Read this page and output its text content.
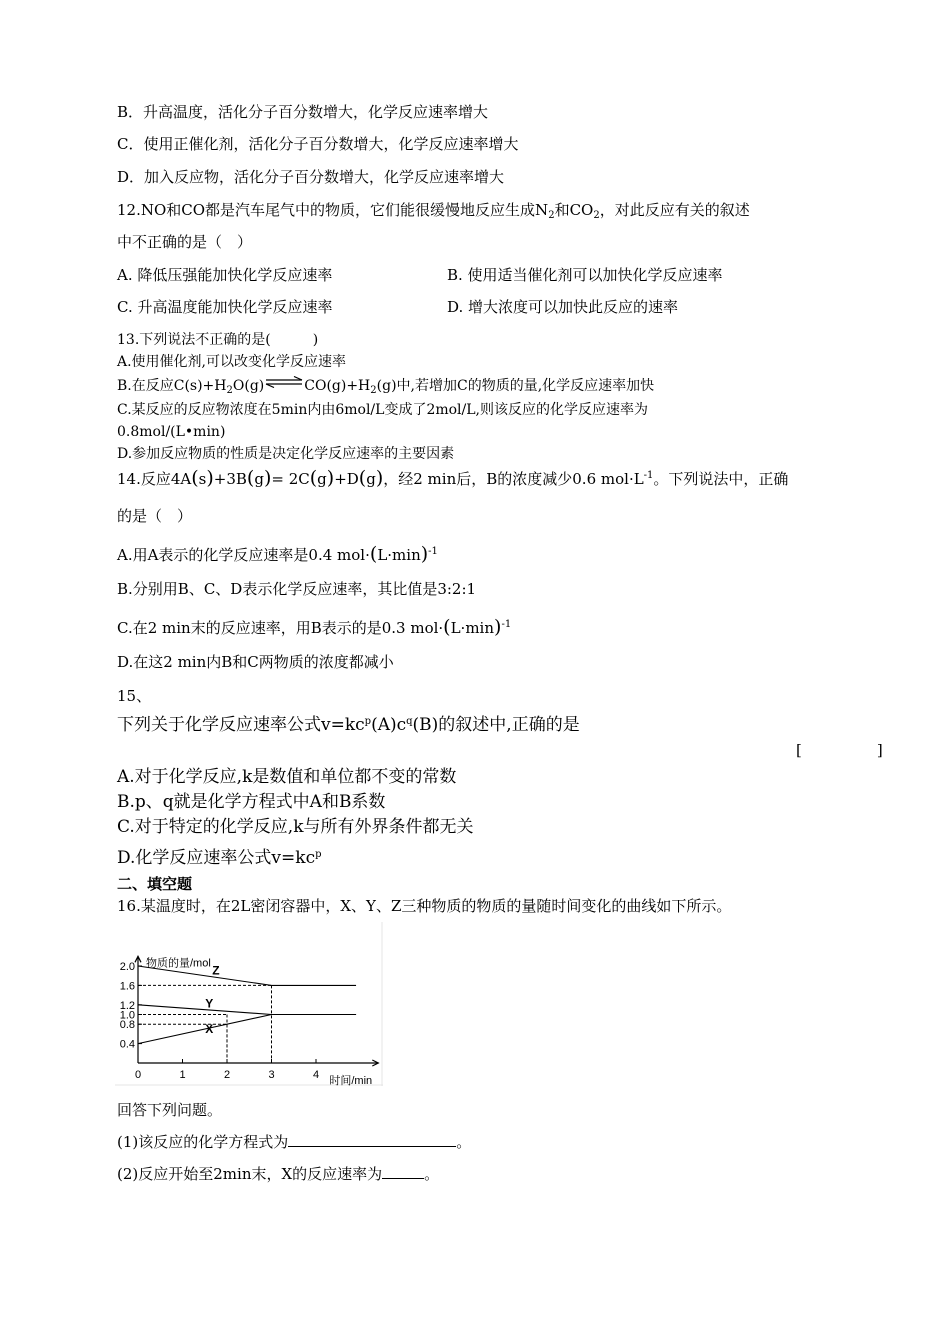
B．升高温度，活化分子百分数增大，化学反应速率增大
C．使用正催化剂，活化分子百分数增大，化学反应速率增大
D．加入反应物，活化分子百分数增大，化学反应速率增大
12.NO和CO都是汽车尾气中的物质，它们能很缓慢地反应生成$N_2$和$CO_2$，对此反应有关的叙述
中不正确的是（　）
A. 降低压强能加快化学反应速率	B. 使用适当催化剂可以加快化学反应速率
C. 升高温度能加快化学反应速率	D. 增大浓度可以加快此反应的速率
13.下列说法不正确的是(　　　)
A.使用催化剂,可以改变化学反应速率
B.在反应$C(s)+H_2O(g)\rightleftharpoons CO(g)+H_2(g)$中,若增加C的物质的量,化学反应速率加快
C.某反应的反应物浓度在5min内由6mol/L变成了2mol/L,则该反应的化学反应速率为
0.8mol/(L•min)
D.参加反应物质的性质是决定化学反应速率的主要因素
14.反应4A(s)+3B(g)= 2C(g)+D(g)，经2 min后，B的浓度减少0.6 $mol\cdot L^{-1}$。下列说法中，正确
的是（　）
A.用A表示的化学反应速率是0.4 $mol\cdot(L\cdot\min)^{-1}$
B.分别用B、C、D表示化学反应速率，其比值是3:2:1
C.在2 min末的反应速率，用B表示的是0.3 $mol\cdot(L\cdot\min)^{-1}$
D.在这2 min内B和C两物质的浓度都减小
15、
下列关于化学反应速率公式$v=kc^p(A)c^q(B)$的叙述中,正确的是
[　　　　　]
A.对于化学反应,k是数值和单位都不变的常数
B.p、q就是化学方程式中A和B系数
C.对于特定的化学反应,k与所有外界条件都无关
D.化学反应速率公式$v=kc^p$
二、填空题
16.某温度时，在2L密闭容器中，X、Y、Z三种物质的物质的量随时间变化的曲线如下所示。
0	1	2	3	4
2.0
1.6
1.2
1.0
0.8
0.4
物质的量/mol
时间/min
Z
Y
X
回答下列问题。
(1)该反应的化学方程式为	。
(2)反应开始至2min末，X的反应速率为	。
